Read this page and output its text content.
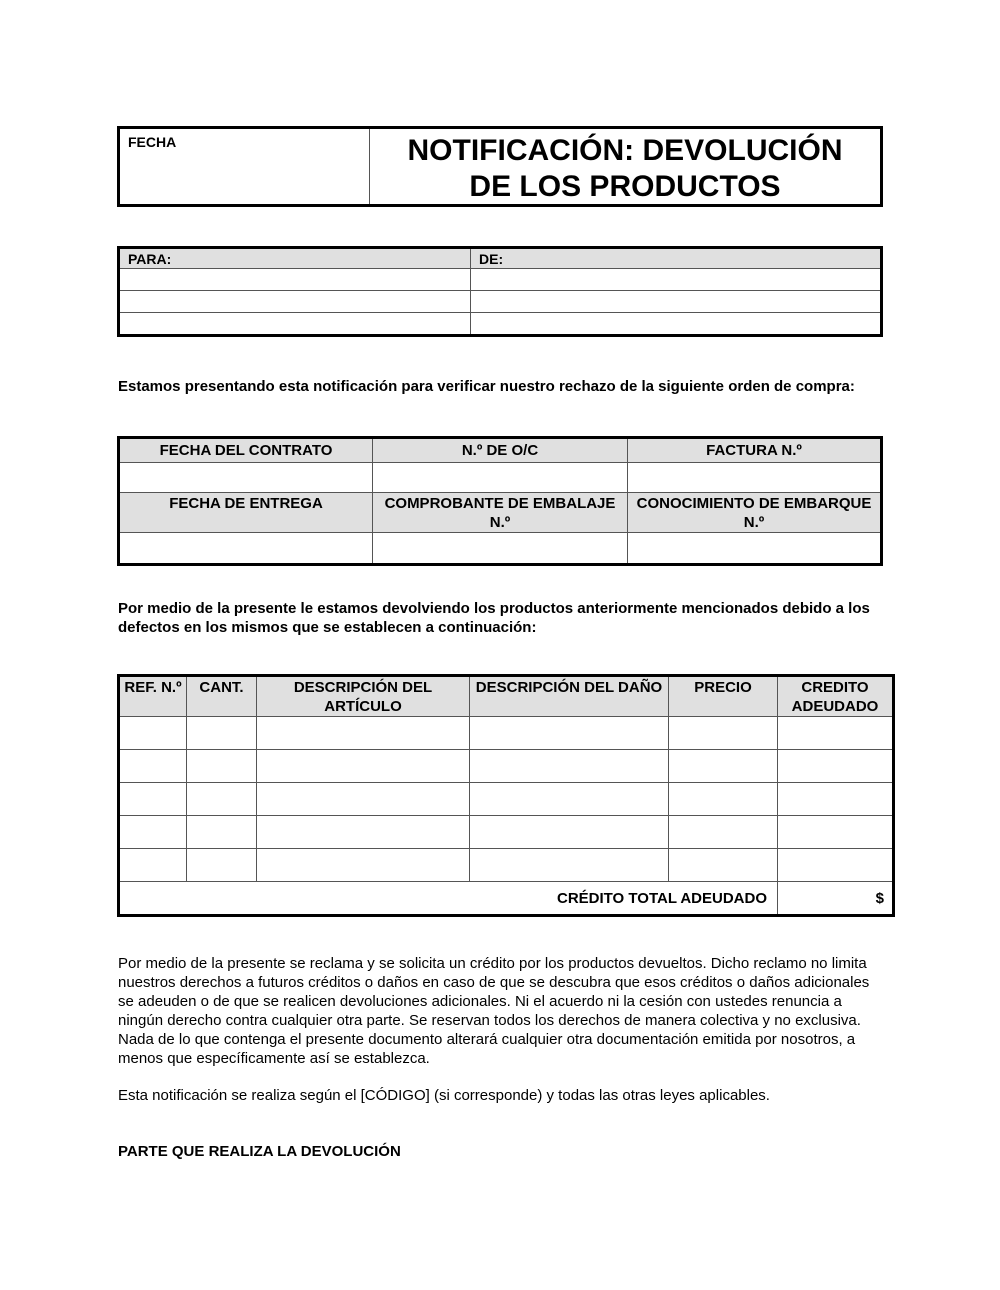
FECHA	NOTIFICACIÓN: DEVOLUCIÓN
DE LOS PRODUCTOS
PARA:	DE:

Estamos presentando esta notificación para verificar nuestro rechazo de la siguiente orden de compra:
FECHA DEL CONTRATO	N.º DE O/C	FACTURA N.º

FECHA DE ENTREGA	COMPROBANTE DE EMBALAJE N.º	CONOCIMIENTO DE EMBARQUE N.º

Por medio de la presente le estamos devolviendo los productos anteriormente mencionados debido a los defectos en los mismos que se establecen a continuación:
REF. N.º	CANT.	DESCRIPCIÓN DEL ARTÍCULO	DESCRIPCIÓN DEL DAÑO	PRECIO	CREDITO ADEUDADO

CRÉDITO TOTAL ADEUDADO					$
Por medio de la presente se reclama y se solicita un crédito por los productos devueltos. Dicho reclamo no limita nuestros derechos a futuros créditos o daños en caso de que se descubra que esos créditos o daños adicionales se adeuden o de que se realicen devoluciones adicionales. Ni el acuerdo ni la cesión con ustedes renuncia a ningún derecho contra cualquier otra parte. Se reservan todos los derechos de manera colectiva y no exclusiva. Nada de lo que contenga el presente documento alterará cualquier otra documentación emitida por nosotros, a menos que específicamente así se establezca.
Esta notificación se realiza según el [CÓDIGO] (si corresponde) y todas las otras leyes aplicables.
PARTE QUE REALIZA LA DEVOLUCIÓN
